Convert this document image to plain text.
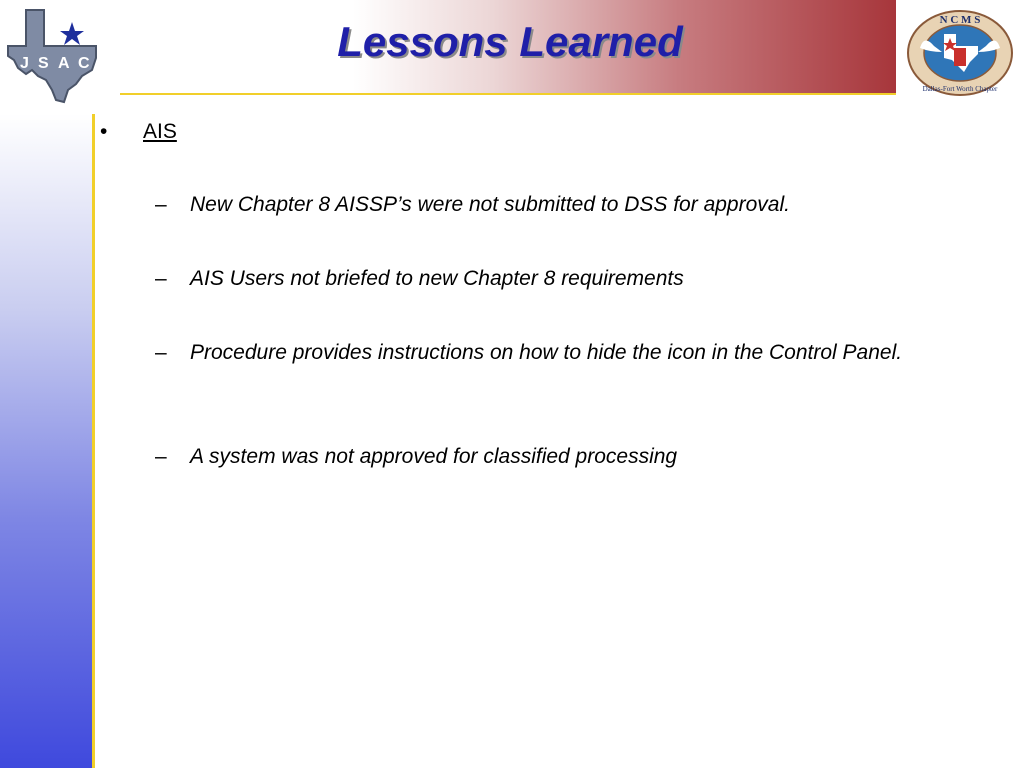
J S A C	Lessons Learned	N C M S
Dallas-Fort Worth Chapter
•	AIS
–	New Chapter 8 AISSP’s were not submitted to DSS for approval.
–	AIS Users not briefed to new Chapter 8 requirements
–	Procedure provides instructions on how to hide the icon in the Control Panel.
–	A system was not approved for classified processing
